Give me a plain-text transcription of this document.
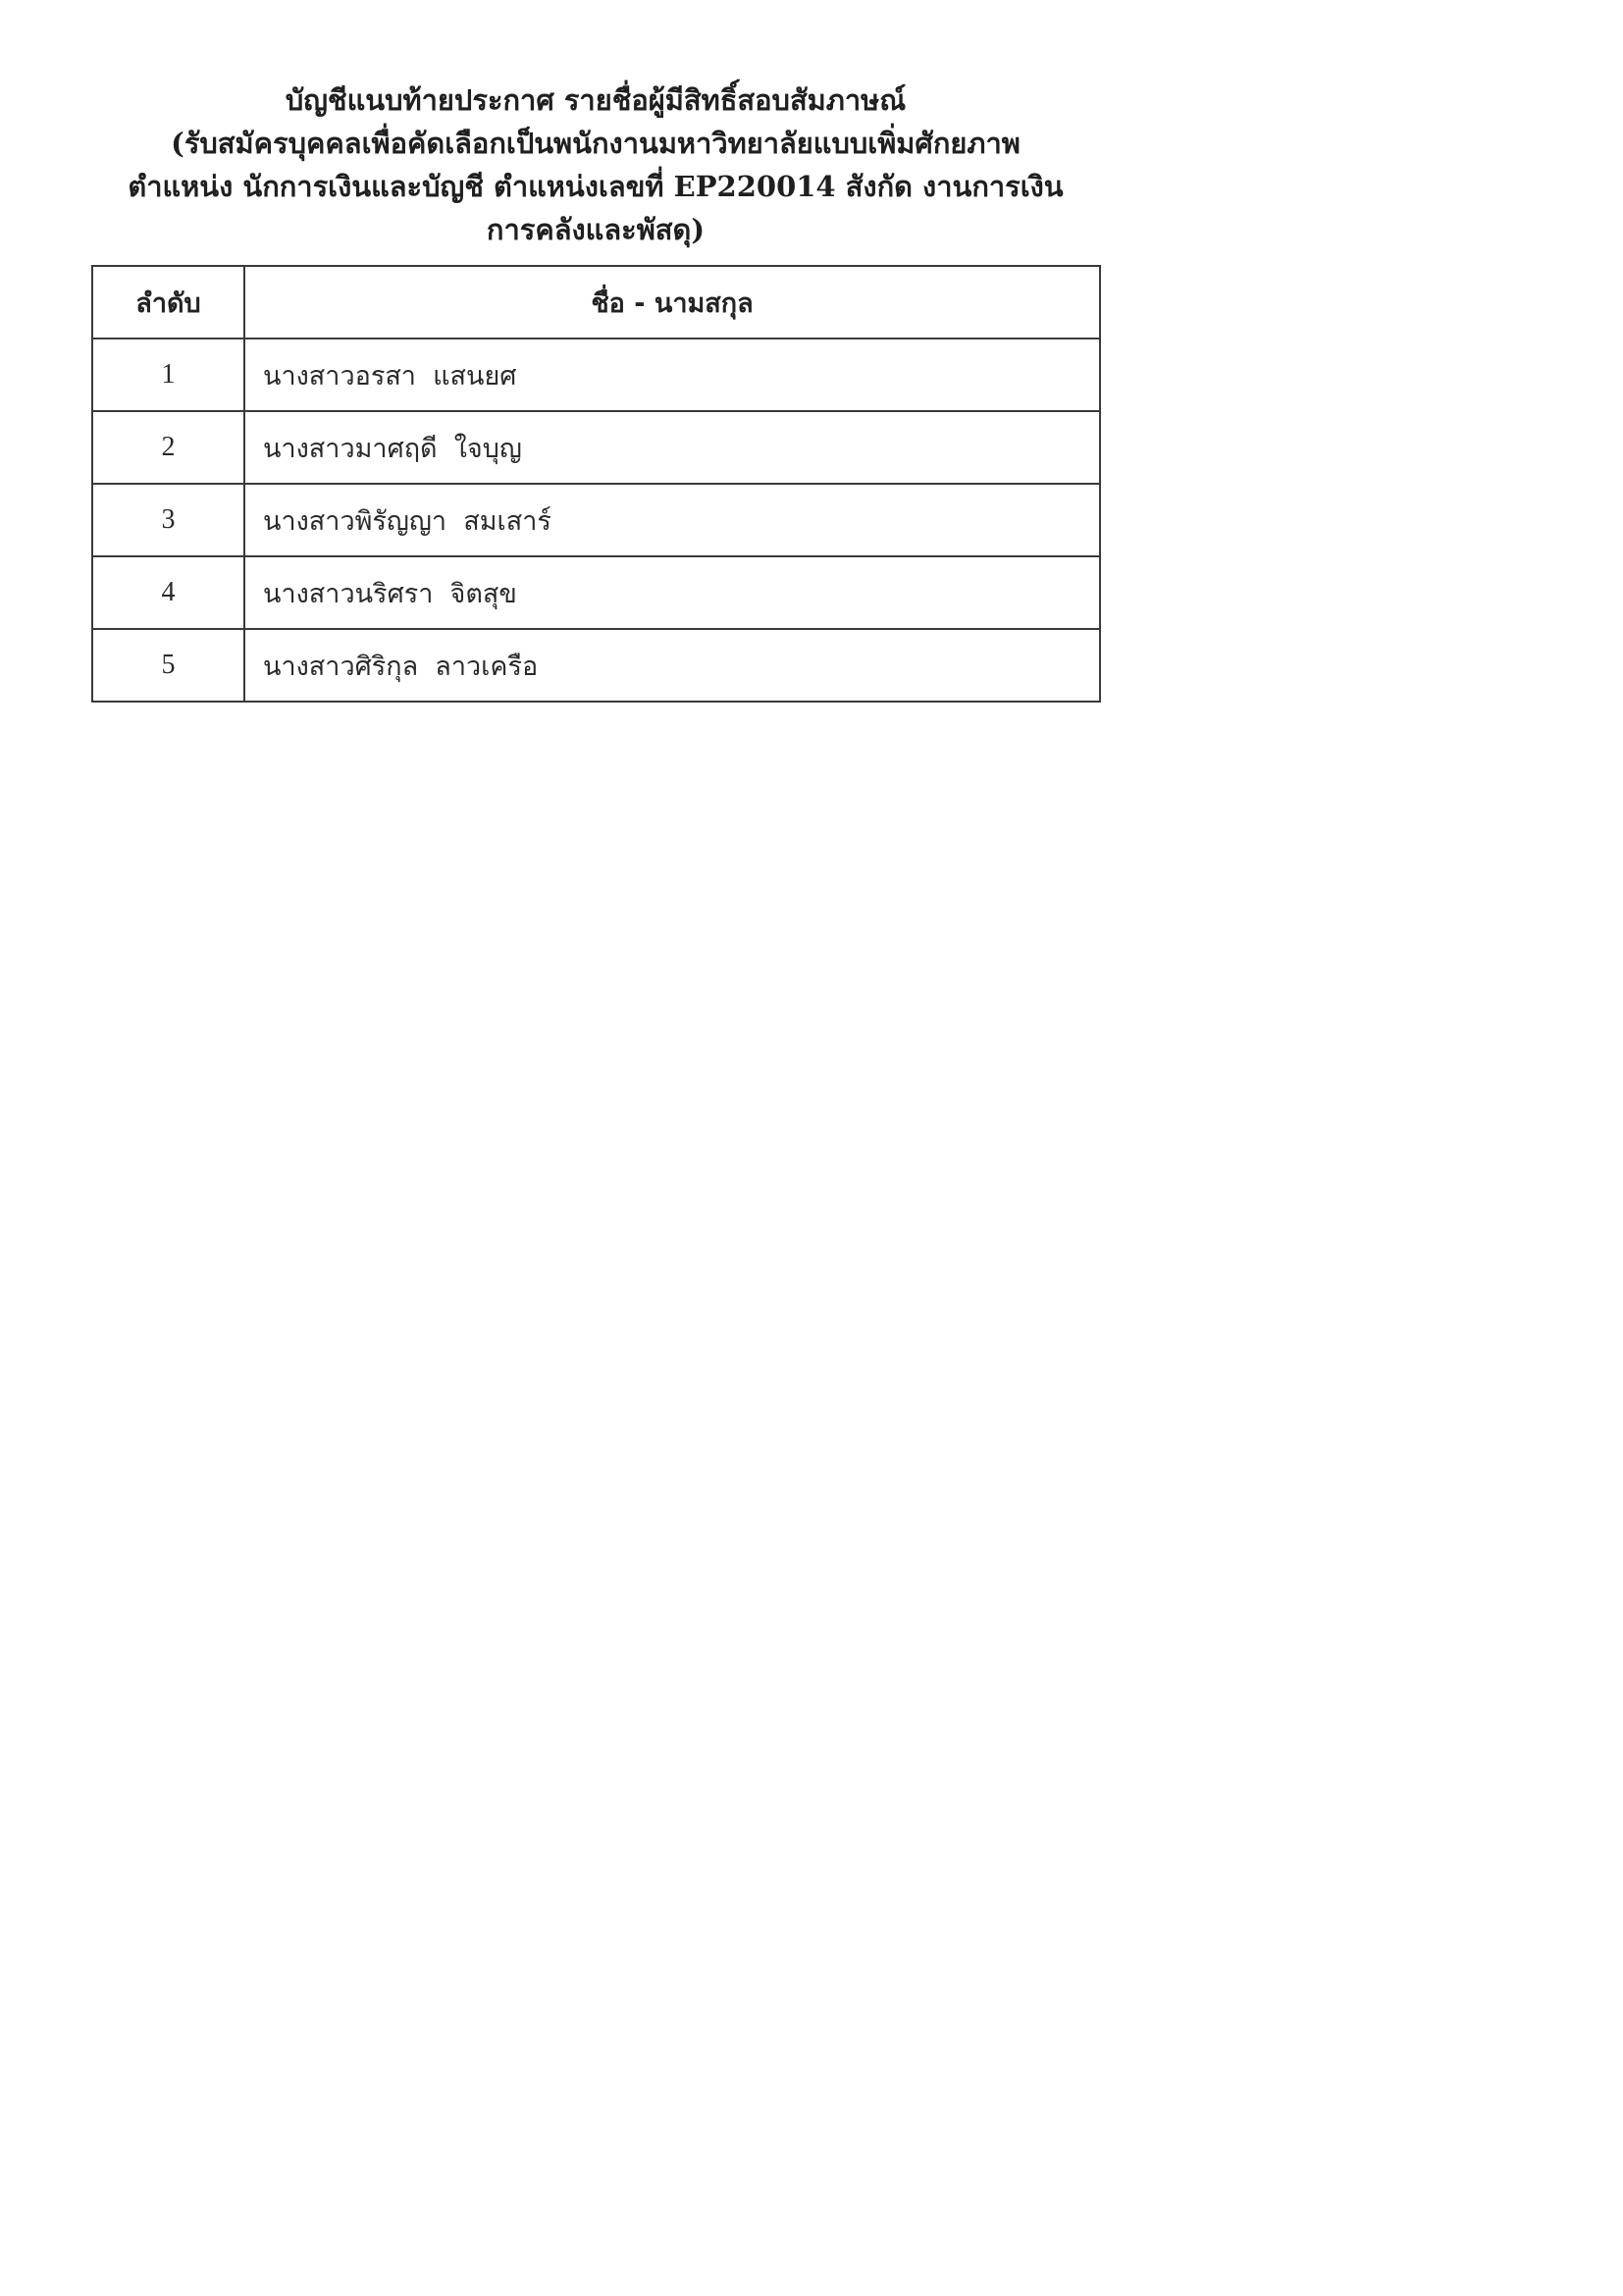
บัญชีแนบท้ายประกาศ รายชื่อผู้มีสิทธิ์สอบสัมภาษณ์
(รับสมัครบุคคลเพื่อคัดเลือกเป็นพนักงานมหาวิทยาลัยแบบเพิ่มศักยภาพ
ตำแหน่ง นักการเงินและบัญชี ตำแหน่งเลขที่ EP220014 สังกัด งานการเงิน
การคลังและพัสดุ)
ลำดับ	ชื่อ - นามสกุล
1	นางสาวอรสา  แสนยศ
2	นางสาวมาศฤดี  ใจบุญ
3	นางสาวพิรัญญา  สมเสาร์
4	นางสาวนริศรา  จิตสุข
5	นางสาวศิริกุล  ลาวเครือ
